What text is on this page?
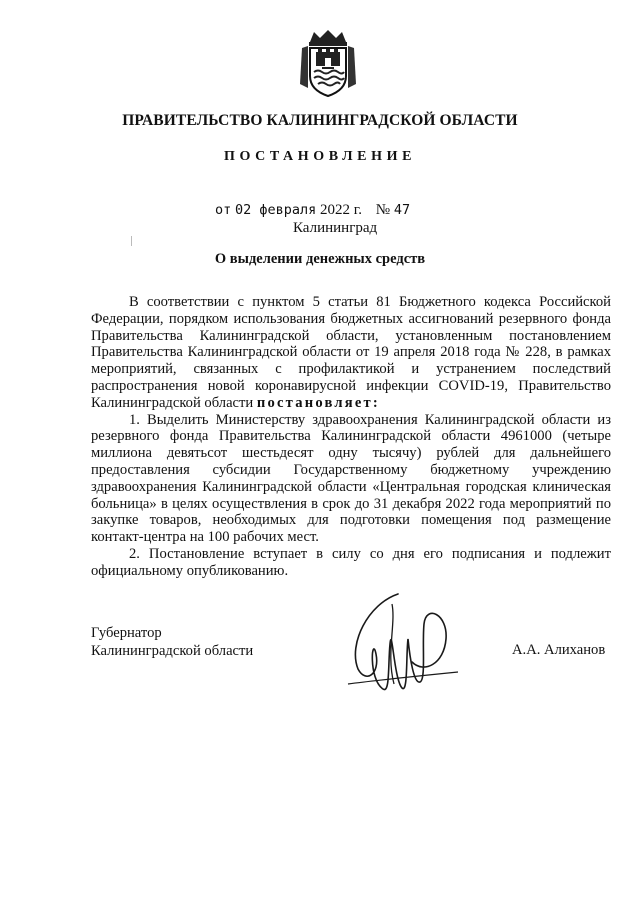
ПРАВИТЕЛЬСТВО КАЛИНИНГРАДСКОЙ ОБЛАСТИ
ПОСТАНОВЛЕНИЕ
от 02 февраля 2022 г. № 47
Калининград
О выделении денежных средств

В соответствии с пунктом 5 статьи 81 Бюджетного кодекса Российской Федерации, порядком использования бюджетных ассигнований резервного фонда Правительства Калининградской области, установленным постановлением Правительства Калининградской области от 19 апреля 2018 года № 228, в рамках мероприятий, связанных с профилактикой и устранением последствий распространения новой коронавирусной инфекции COVID-19, Правительство Калининградской области постановляет:

1. Выделить Министерству здравоохранения Калининградской области из резервного фонда Правительства Калининградской области 4961000 (четыре миллиона девятьсот шестьдесят одну тысячу) рублей для дальнейшего предоставления субсидии Государственному бюджетному учреждению здравоохранения Калининградской области «Центральная городская клиническая больница» в целях осуществления в срок до 31 декабря 2022 года мероприятий по закупке товаров, необходимых для подготовки помещения под размещение контакт-центра на 100 рабочих мест.

2. Постановление вступает в силу со дня его подписания и подлежит официальному опубликованию.

Губернатор
Калининградской области	А.А. Алиханов
